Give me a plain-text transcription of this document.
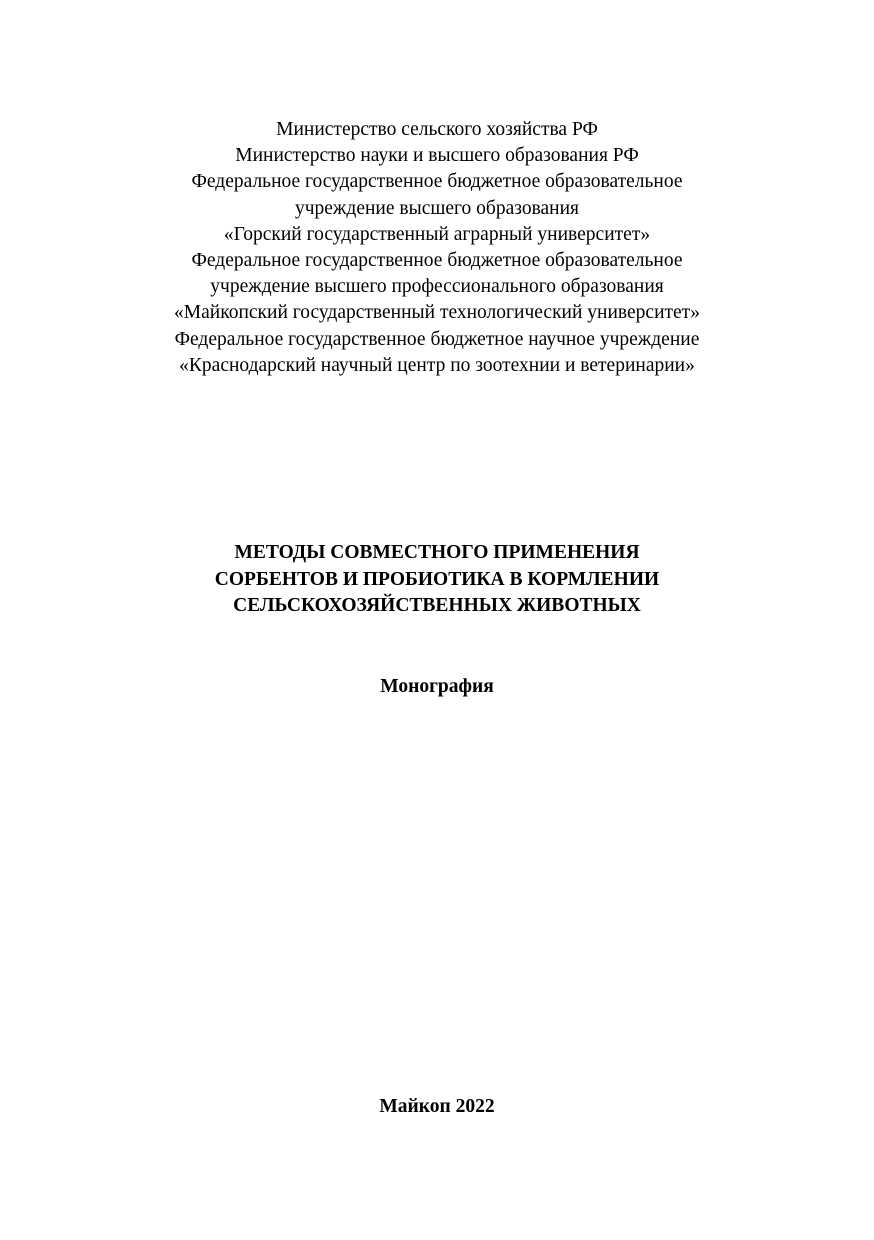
Министерство сельского хозяйства РФ
Министерство науки и высшего образования РФ
Федеральное государственное бюджетное образовательное
учреждение высшего образования
«Горский государственный аграрный университет»
Федеральное государственное бюджетное образовательное
учреждение высшего профессионального образования
«Майкопский государственный технологический университет»
Федеральное государственное бюджетное научное учреждение
«Краснодарский научный центр по зоотехнии и ветеринарии»
МЕТОДЫ СОВМЕСТНОГО ПРИМЕНЕНИЯ
СОРБЕНТОВ И ПРОБИОТИКА В КОРМЛЕНИИ
СЕЛЬСКОХОЗЯЙСТВЕННЫХ ЖИВОТНЫХ
Монография
Майкоп 2022
